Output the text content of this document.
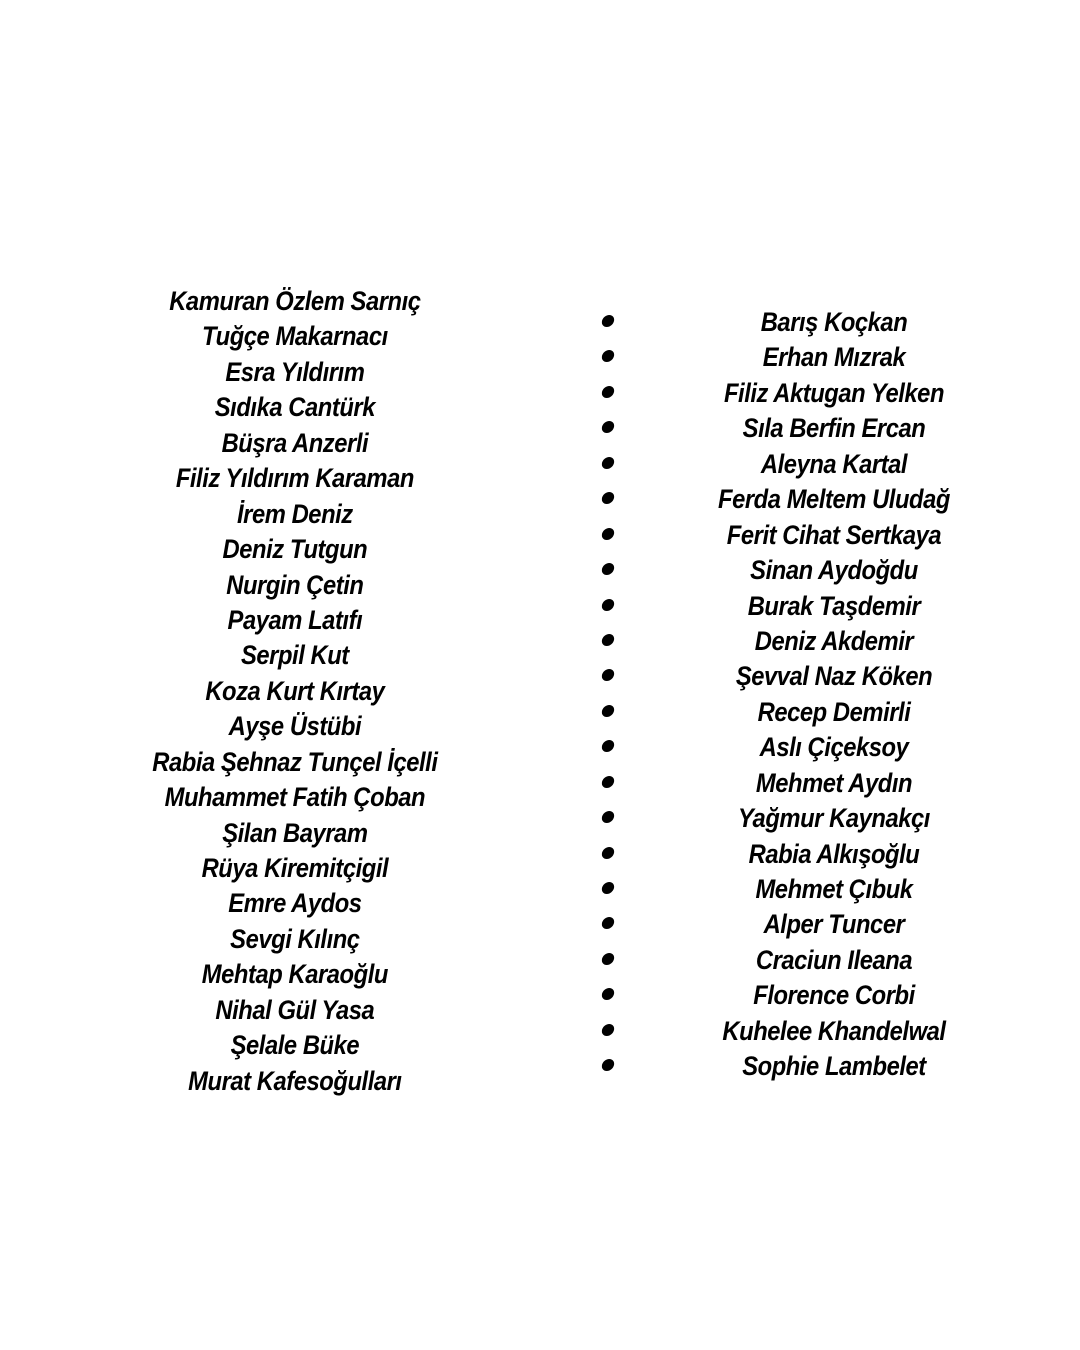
Kamuran Özlem Sarnıç
Tuğçe Makarnacı
Esra Yıldırım
Sıdıka Cantürk
Büşra Anzerli
Filiz Yıldırım Karaman
İrem Deniz
Deniz Tutgun
Nurgin Çetin
Payam Latıfı
Serpil Kut
Koza Kurt Kırtay
Ayşe Üstübi
Rabia Şehnaz Tunçel İçelli
Muhammet Fatih Çoban
Şilan Bayram
Rüya Kiremitçigil
Emre Aydos
Sevgi Kılınç
Mehtap Karaoğlu
Nihal Gül Yasa
Şelale Büke
Murat Kafesoğulları
Barış Koçkan
Erhan Mızrak
Filiz Aktugan Yelken
Sıla Berfin Ercan
Aleyna Kartal
Ferda Meltem Uludağ
Ferit Cihat Sertkaya
Sinan Aydoğdu
Burak Taşdemir
Deniz Akdemir
Şevval Naz Köken
Recep Demirli
Aslı Çiçeksoy
Mehmet Aydın
Yağmur Kaynakçı
Rabia Alkışoğlu
Mehmet Çıbuk
Alper Tuncer
Craciun Ileana
Florence Corbi
Kuhelee Khandelwal
Sophie Lambelet
